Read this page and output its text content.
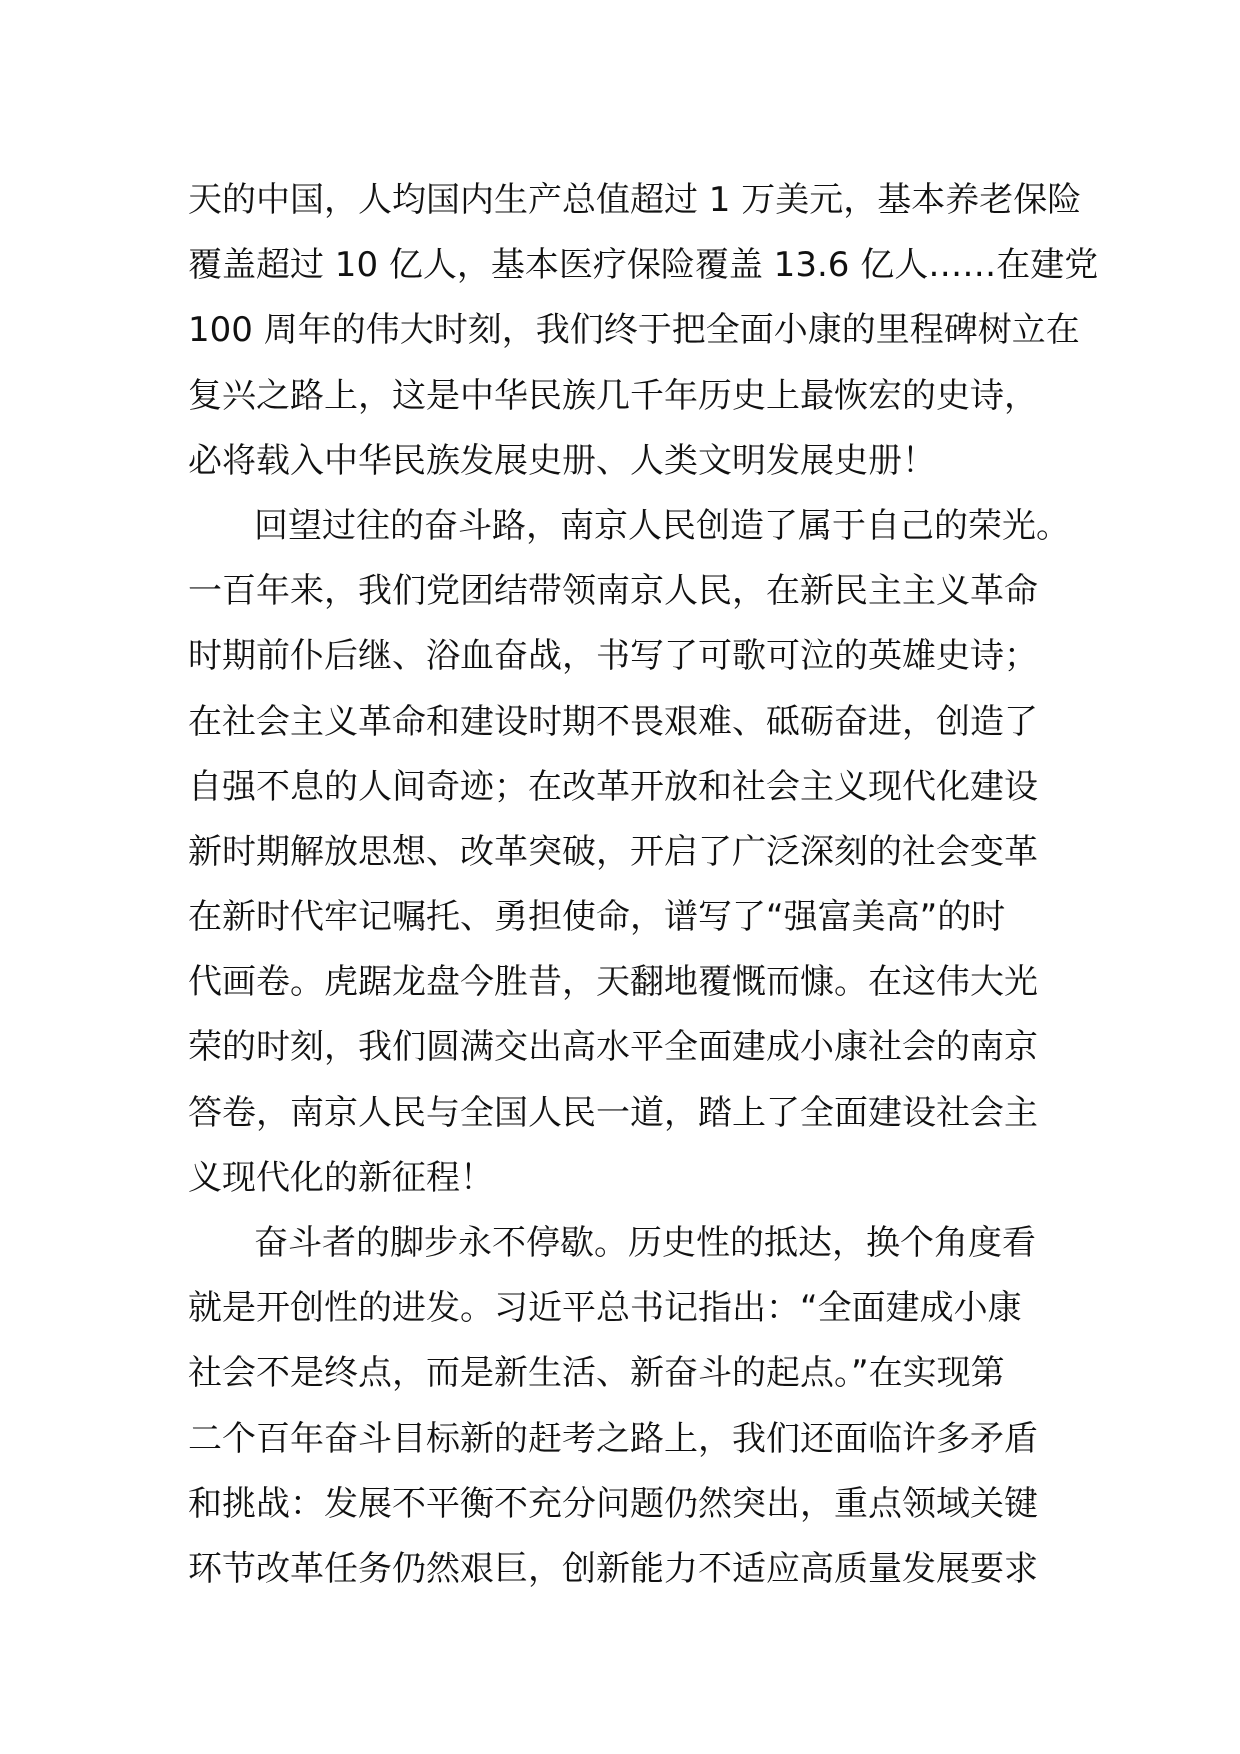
天的中国，人均国内生产总值超过 1 万美元，基本养老保险
覆盖超过 10 亿人，基本医疗保险覆盖 13.6 亿人……在建党
100 周年的伟大时刻，我们终于把全面小康的里程碑树立在
复兴之路上，这是中华民族几千年历史上最恢宏的史诗，
必将载入中华民族发展史册、人类文明发展史册！
回望过往的奋斗路，南京人民创造了属于自己的荣光。
一百年来，我们党团结带领南京人民，在新民主主义革命
时期前仆后继、浴血奋战，书写了可歌可泣的英雄史诗；
在社会主义革命和建设时期不畏艰难、砥砺奋进，创造了
自强不息的人间奇迹；在改革开放和社会主义现代化建设
新时期解放思想、改革突破，开启了广泛深刻的社会变革
在新时代牢记嘱托、勇担使命，谱写了“强富美高”的时
代画卷。虎踞龙盘今胜昔，天翻地覆慨而慷。在这伟大光
荣的时刻，我们圆满交出高水平全面建成小康社会的南京
答卷，南京人民与全国人民一道，踏上了全面建设社会主
义现代化的新征程！
奋斗者的脚步永不停歇。历史性的抵达，换个角度看
就是开创性的进发。习近平总书记指出：“全面建成小康
社会不是终点，而是新生活、新奋斗的起点。”在实现第
二个百年奋斗目标新的赶考之路上，我们还面临许多矛盾
和挑战：发展不平衡不充分问题仍然突出，重点领域关键
环节改革任务仍然艰巨，创新能力不适应高质量发展要求
